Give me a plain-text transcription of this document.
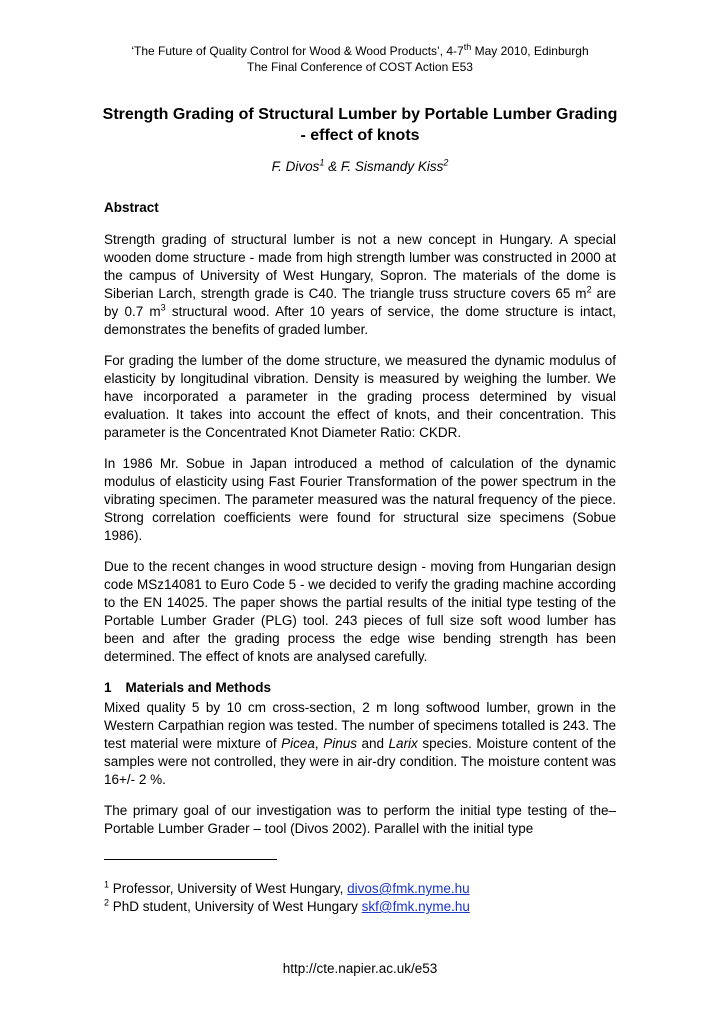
‘The Future of Quality Control for Wood & Wood Products’, 4-7th May 2010, Edinburgh
The Final Conference of COST Action E53
Strength Grading of Structural Lumber by Portable Lumber Grading - effect of knots
F. Divos$^1$ & F. Sismandy Kiss$^2$
Abstract

Strength grading of structural lumber is not a new concept in Hungary. A special wooden dome structure - made from high strength lumber was constructed in 2000 at the campus of University of West Hungary, Sopron. The materials of the dome is Siberian Larch, strength grade is C40. The triangle truss structure covers 65 $m^2$ are by 0.7 $m^3$ structural wood. After 10 years of service, the dome structure is intact, demonstrates the benefits of graded lumber.

For grading the lumber of the dome structure, we measured the dynamic modulus of elasticity by longitudinal vibration. Density is measured by weighing the lumber. We have incorporated a parameter in the grading process determined by visual evaluation. It takes into account the effect of knots, and their concentration. This parameter is the Concentrated Knot Diameter Ratio: CKDR.

In 1986 Mr. Sobue in Japan introduced a method of calculation of the dynamic modulus of elasticity using Fast Fourier Transformation of the power spectrum in the vibrating specimen. The parameter measured was the natural frequency of the piece. Strong correlation coefficients were found for structural size specimens (Sobue 1986).

Due to the recent changes in wood structure design - moving from Hungarian design code MSz14081 to Euro Code 5 - we decided to verify the grading machine according to the EN 14025. The paper shows the partial results of the initial type testing of the Portable Lumber Grader (PLG) tool. 243 pieces of full size soft wood lumber has been and after the grading process the edge wise bending strength has been determined. The effect of knots are analysed carefully.

1 Materials and Methods

Mixed quality 5 by 10 cm cross-section, 2 m long softwood lumber, grown in the Western Carpathian region was tested. The number of specimens totalled is 243. The test material were mixture of Picea, Pinus and Larix species. Moisture content of the samples were not controlled, they were in air-dry condition. The moisture content was 16+/- 2 %.

The primary goal of our investigation was to perform the initial type testing of the– Portable Lumber Grader – tool (Divos 2002). Parallel with the initial type

$^1$ Professor, University of West Hungary, divos@fmk.nyme.hu
$^2$ PhD student, University of West Hungary skf@fmk.nyme.hu
http://cte.napier.ac.uk/e53
